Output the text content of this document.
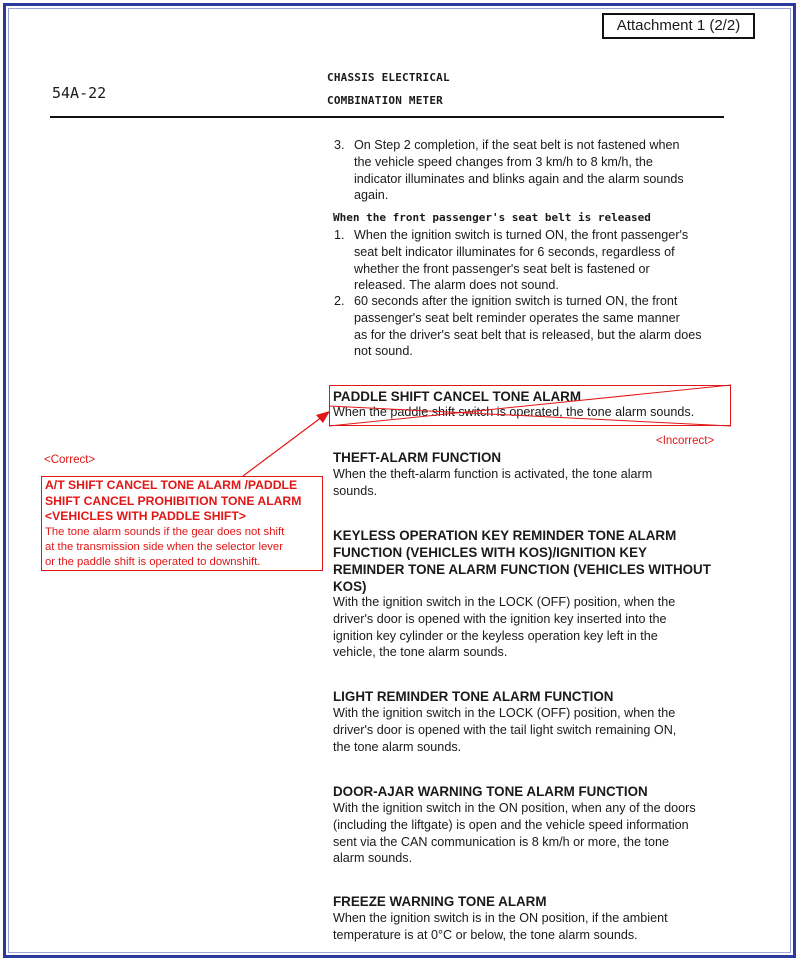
Attachment 1 (2/2)
54A-22
CHASSIS ELECTRICAL
COMBINATION METER
3. On Step 2 completion, if the seat belt is not fastened when
the vehicle speed changes from 3 km/h to 8 km/h, the
indicator illuminates and blinks again and the alarm sounds
again.
When the front passenger's seat belt is released
1. When the ignition switch is turned ON, the front passenger's
seat belt indicator illuminates for 6 seconds, regardless of
whether the front passenger's seat belt is fastened or
released. The alarm does not sound.
2. 60 seconds after the ignition switch is turned ON, the front
passenger's seat belt reminder operates the same manner
as for the driver's seat belt that is released, but the alarm does
not sound.
PADDLE SHIFT CANCEL TONE ALARM
When the paddle shift switch is operated, the tone alarm sounds.
<Incorrect>
<Correct>
A/T SHIFT CANCEL TONE ALARM /PADDLE
SHIFT CANCEL PROHIBITION TONE ALARM
<VEHICLES WITH PADDLE SHIFT>
The tone alarm sounds if the gear does not shift
at the transmission side when the selector lever
or the paddle shift is operated to downshift.
THEFT-ALARM FUNCTION
When the theft-alarm function is activated, the tone alarm
sounds.
KEYLESS OPERATION KEY REMINDER TONE ALARM
FUNCTION (VEHICLES WITH KOS)/IGNITION KEY
REMINDER TONE ALARM FUNCTION (VEHICLES WITHOUT
KOS)
With the ignition switch in the LOCK (OFF) position, when the
driver's door is opened with the ignition key inserted into the
ignition key cylinder or the keyless operation key left in the
vehicle, the tone alarm sounds.
LIGHT REMINDER TONE ALARM FUNCTION
With the ignition switch in the LOCK (OFF) position, when the
driver's door is opened with the tail light switch remaining ON,
the tone alarm sounds.
DOOR-AJAR WARNING TONE ALARM FUNCTION
With the ignition switch in the ON position, when any of the doors
(including the liftgate) is open and the vehicle speed information
sent via the CAN communication is 8 km/h or more, the tone
alarm sounds.
FREEZE WARNING TONE ALARM
When the ignition switch is in the ON position, if the ambient
temperature is at 0°C or below, the tone alarm sounds.
